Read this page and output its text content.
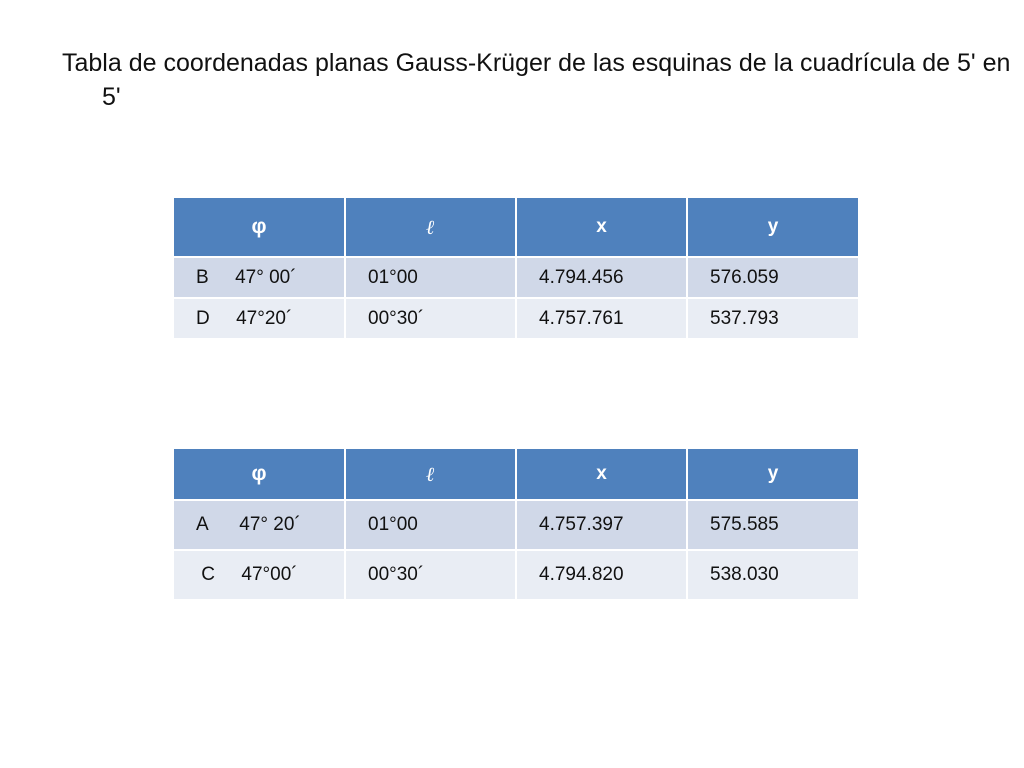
Tabla de coordenadas planas Gauss-Krüger de las esquinas de la cuadrícula de 5' en 5'
φ	ℓ	x	y
B     47° 00´	01°00	4.794.456	576.059
D     47°20´	00°30´	4.757.761	537.793
φ	ℓ	x	y
A      47° 20´	01°00	4.757.397	575.585
C     47°00´	00°30´	4.794.820	538.030
